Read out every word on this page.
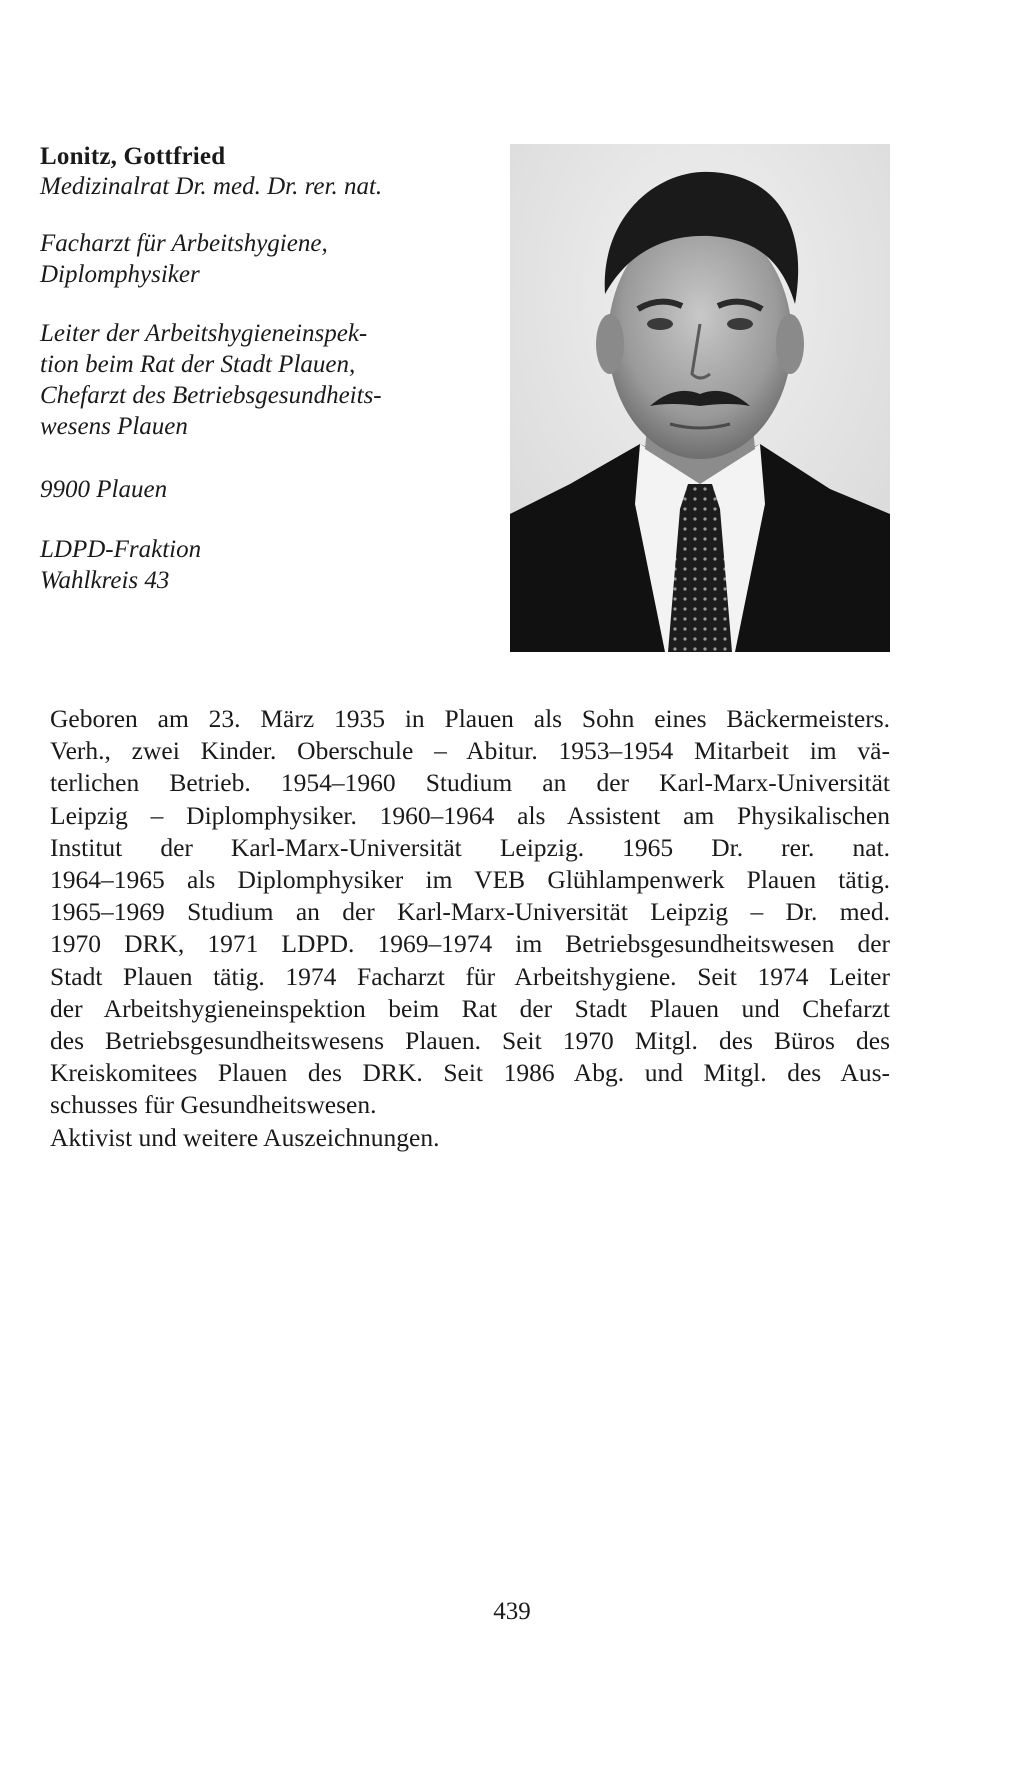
Lonitz, Gottfried

Medizinalrat Dr. med. Dr. rer. nat.

Facharzt für Arbeitshygiene,
Diplomphysiker

Leiter der Arbeitshygieneinspek-
tion beim Rat der Stadt Plauen,
Chefarzt des Betriebsgesundheits-
wesens Plauen

9900 Plauen

LDPD-Fraktion
Wahlkreis 43

Geboren am 23. März 1935 in Plauen als Sohn eines Bäckermeisters.
Verh., zwei Kinder. Oberschule – Abitur. 1953–1954 Mitarbeit im vä-
terlichen Betrieb. 1954–1960 Studium an der Karl-Marx-Universität
Leipzig – Diplomphysiker. 1960–1964 als Assistent am Physikalischen
Institut der Karl-Marx-Universität Leipzig. 1965 Dr. rer. nat.
1964–1965 als Diplomphysiker im VEB Glühlampenwerk Plauen tätig.
1965–1969 Studium an der Karl-Marx-Universität Leipzig – Dr. med.
1970 DRK, 1971 LDPD. 1969–1974 im Betriebsgesundheitswesen der
Stadt Plauen tätig. 1974 Facharzt für Arbeitshygiene. Seit 1974 Leiter
der Arbeitshygieneinspektion beim Rat der Stadt Plauen und Chefarzt
des Betriebsgesundheitswesens Plauen. Seit 1970 Mitgl. des Büros des
Kreiskomitees Plauen des DRK. Seit 1986 Abg. und Mitgl. des Aus-
schusses für Gesundheitswesen.
Aktivist und weitere Auszeichnungen.
439
